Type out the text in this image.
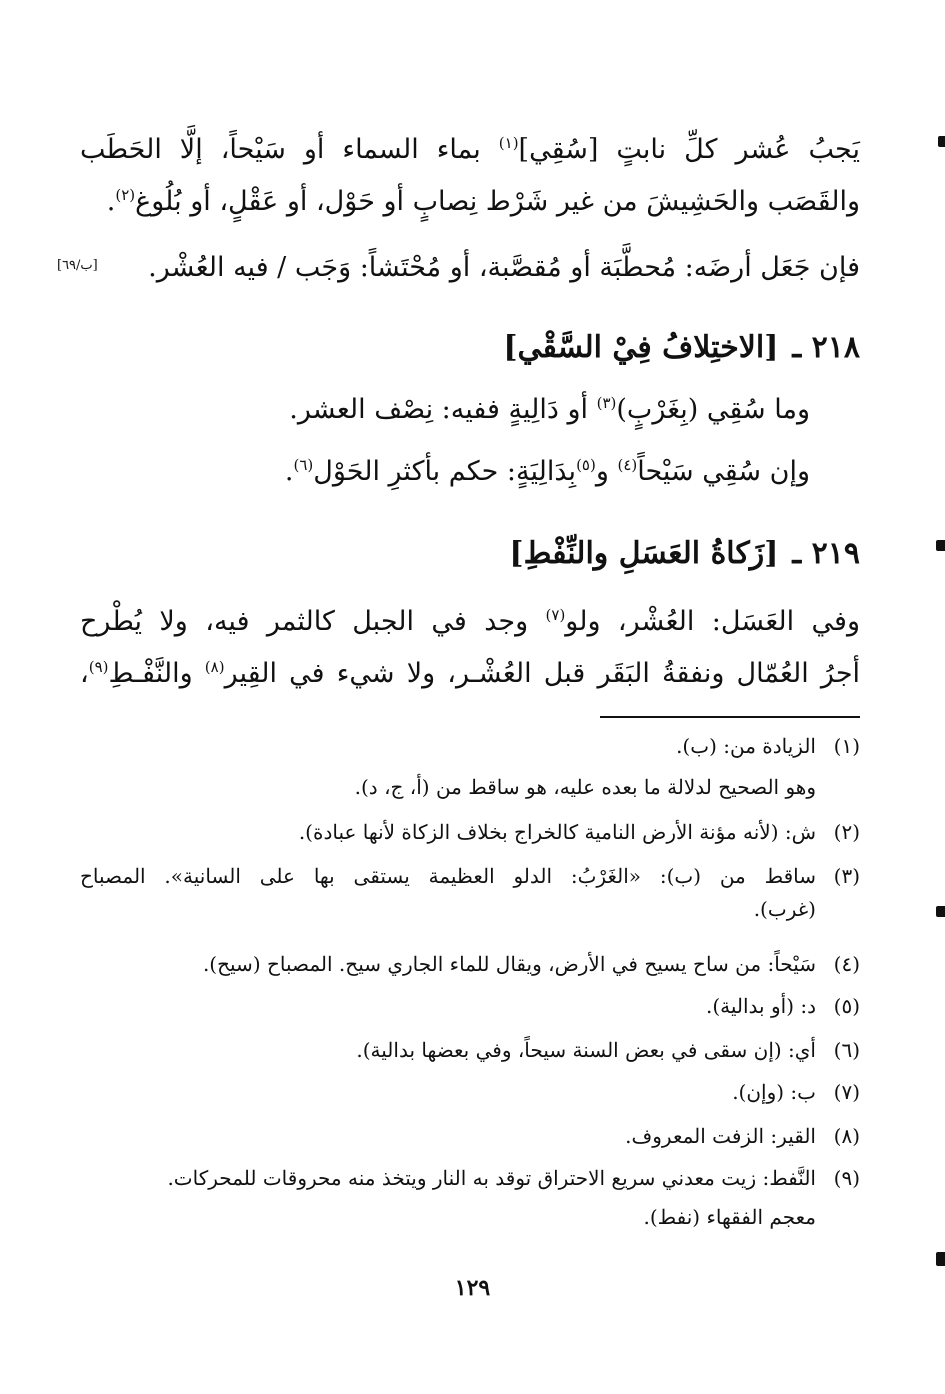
يَجبُ عُشر كلِّ نابتٍ [سُقِي]$^{(١)}$ بماء السماء أو سَيْحاً، إلَّا الحَطَب
والقَصَب والحَشِيشَ من غير شَرْط نِصابٍ أو حَوْل، أو عَقْلٍ، أو بُلُوغ$^{(٢)}$.
فإن جَعَل أرضَه: مُحطَّبَة أو مُقصَّبة، أو مُحْتَشاً: وَجَب / فيه العُشْر.
[ب/٦٩]
٢١٨ ـ[الاختِلافُ فِيْ السَّقْي]
وما سُقِي (بِغَرْبٍ)$^{(٣)}$ أو دَالِيةٍ ففيه: نِصْف العشر.
وإن سُقِي سَيْحاً$^{(٤)}$ و$^{(٥)}$بِدَالِيَةٍ: حكم بأكثرِ الحَوْل$^{(٦)}$.
٢١٩ ـ[زَكاةُ العَسَلِ والنِّفْطِ]
وفي العَسَل: العُشْر، ولو$^{(٧)}$ وجد في الجبل كالثمر فيه، ولا يُطْرح
أجرُ العُمّال ونفقةُ البَقَر قبل العُشْـر، ولا شيء في القِير$^{(٨)}$ والنَّفْـطِ$^{(٩)}$،
(١)الزيادة من: (ب).
وهو الصحيح لدلالة ما بعده عليه، هو ساقط من (أ، ج، د).
(٢)ش: (لأنه مؤنة الأرض النامية كالخراج بخلاف الزكاة لأنها عبادة).
(٣)
ساقط من (ب): «الغَرْبُ: الدلو العظيمة يستقى بها على السانية». المصباح
(غرب).
(٤)سَيْحاً: من ساح يسيح في الأرض، ويقال للماء الجاري سيح. المصباح (سيح).
(٥)د: (أو بدالية).
(٦)أي: (إن سقى في بعض السنة سيحاً، وفي بعضها بدالية).
(٧)ب: (وإن).
(٨)القير: الزفت المعروف.
(٩)
النَّفط: زيت معدني سريع الاحتراق توقد به النار ويتخذ منه محروقات للمحركات.
معجم الفقهاء (نفط).
١٢٩
